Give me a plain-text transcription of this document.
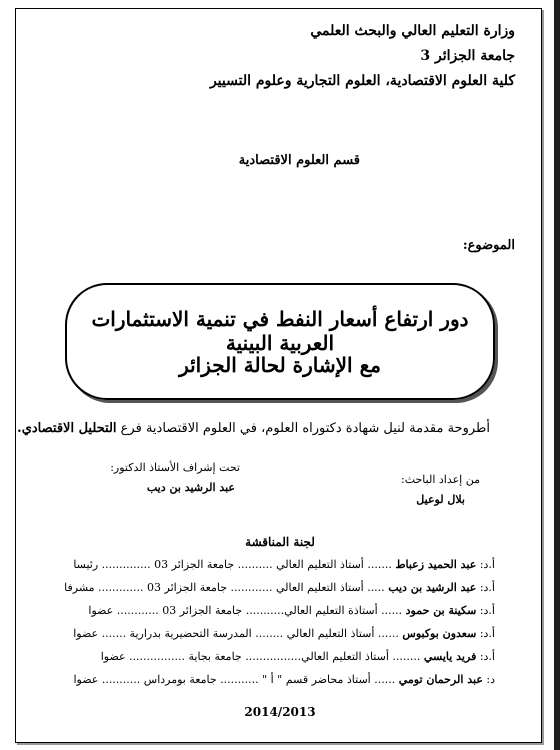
وزارة التعليم العالي والبحث العلمي
جامعة الجزائر 3
كلية العلوم الاقتصادية، العلوم التجارية وعلوم التسيير
قسم العلوم الاقتصادية
الموضوع:
دور ارتفاع أسعار النفط في تنمية الاستثمارات العربية البينية
مع الإشارة لحالة الجزائر
أطروحة مقدمة لنيل شهادة دكتوراه العلوم، في العلوم الاقتصادية فرع التحليل الاقتصادي.
من إعداد الباحث:
بلال لوعيل
تحت إشراف الأستاذ الدكتور:
عبد الرشيد بن ديب
لجنة المناقشة
أ.د: عبد الحميد زعباط ....... أستاذ التعليم العالي .......... جامعة الجزائر 03 .............. رئيسا
أ.د: عبد الرشيد بن ديب ..... أستاذ التعليم العالي ............ جامعة الجزائر 03 ............. مشرفا
أ.د: سكينة بن حمود ...... أستاذة التعليم العالي........... جامعة الجزائر 03 ............ عضوا
أ.د: سعدون بوكبوس ...... أستاذ التعليم العالي ........ المدرسة التحضيرية بدرارية ....... عضوا
أ.د: فريد يايسي ........ أستاذ التعليم العالي................ جامعة بجاية ................ عضوا
د: عبد الرحمان تومي ...... أستاذ محاضر قسم " أ " ........... جامعة بومرداس ........... عضوا
2014/2013
